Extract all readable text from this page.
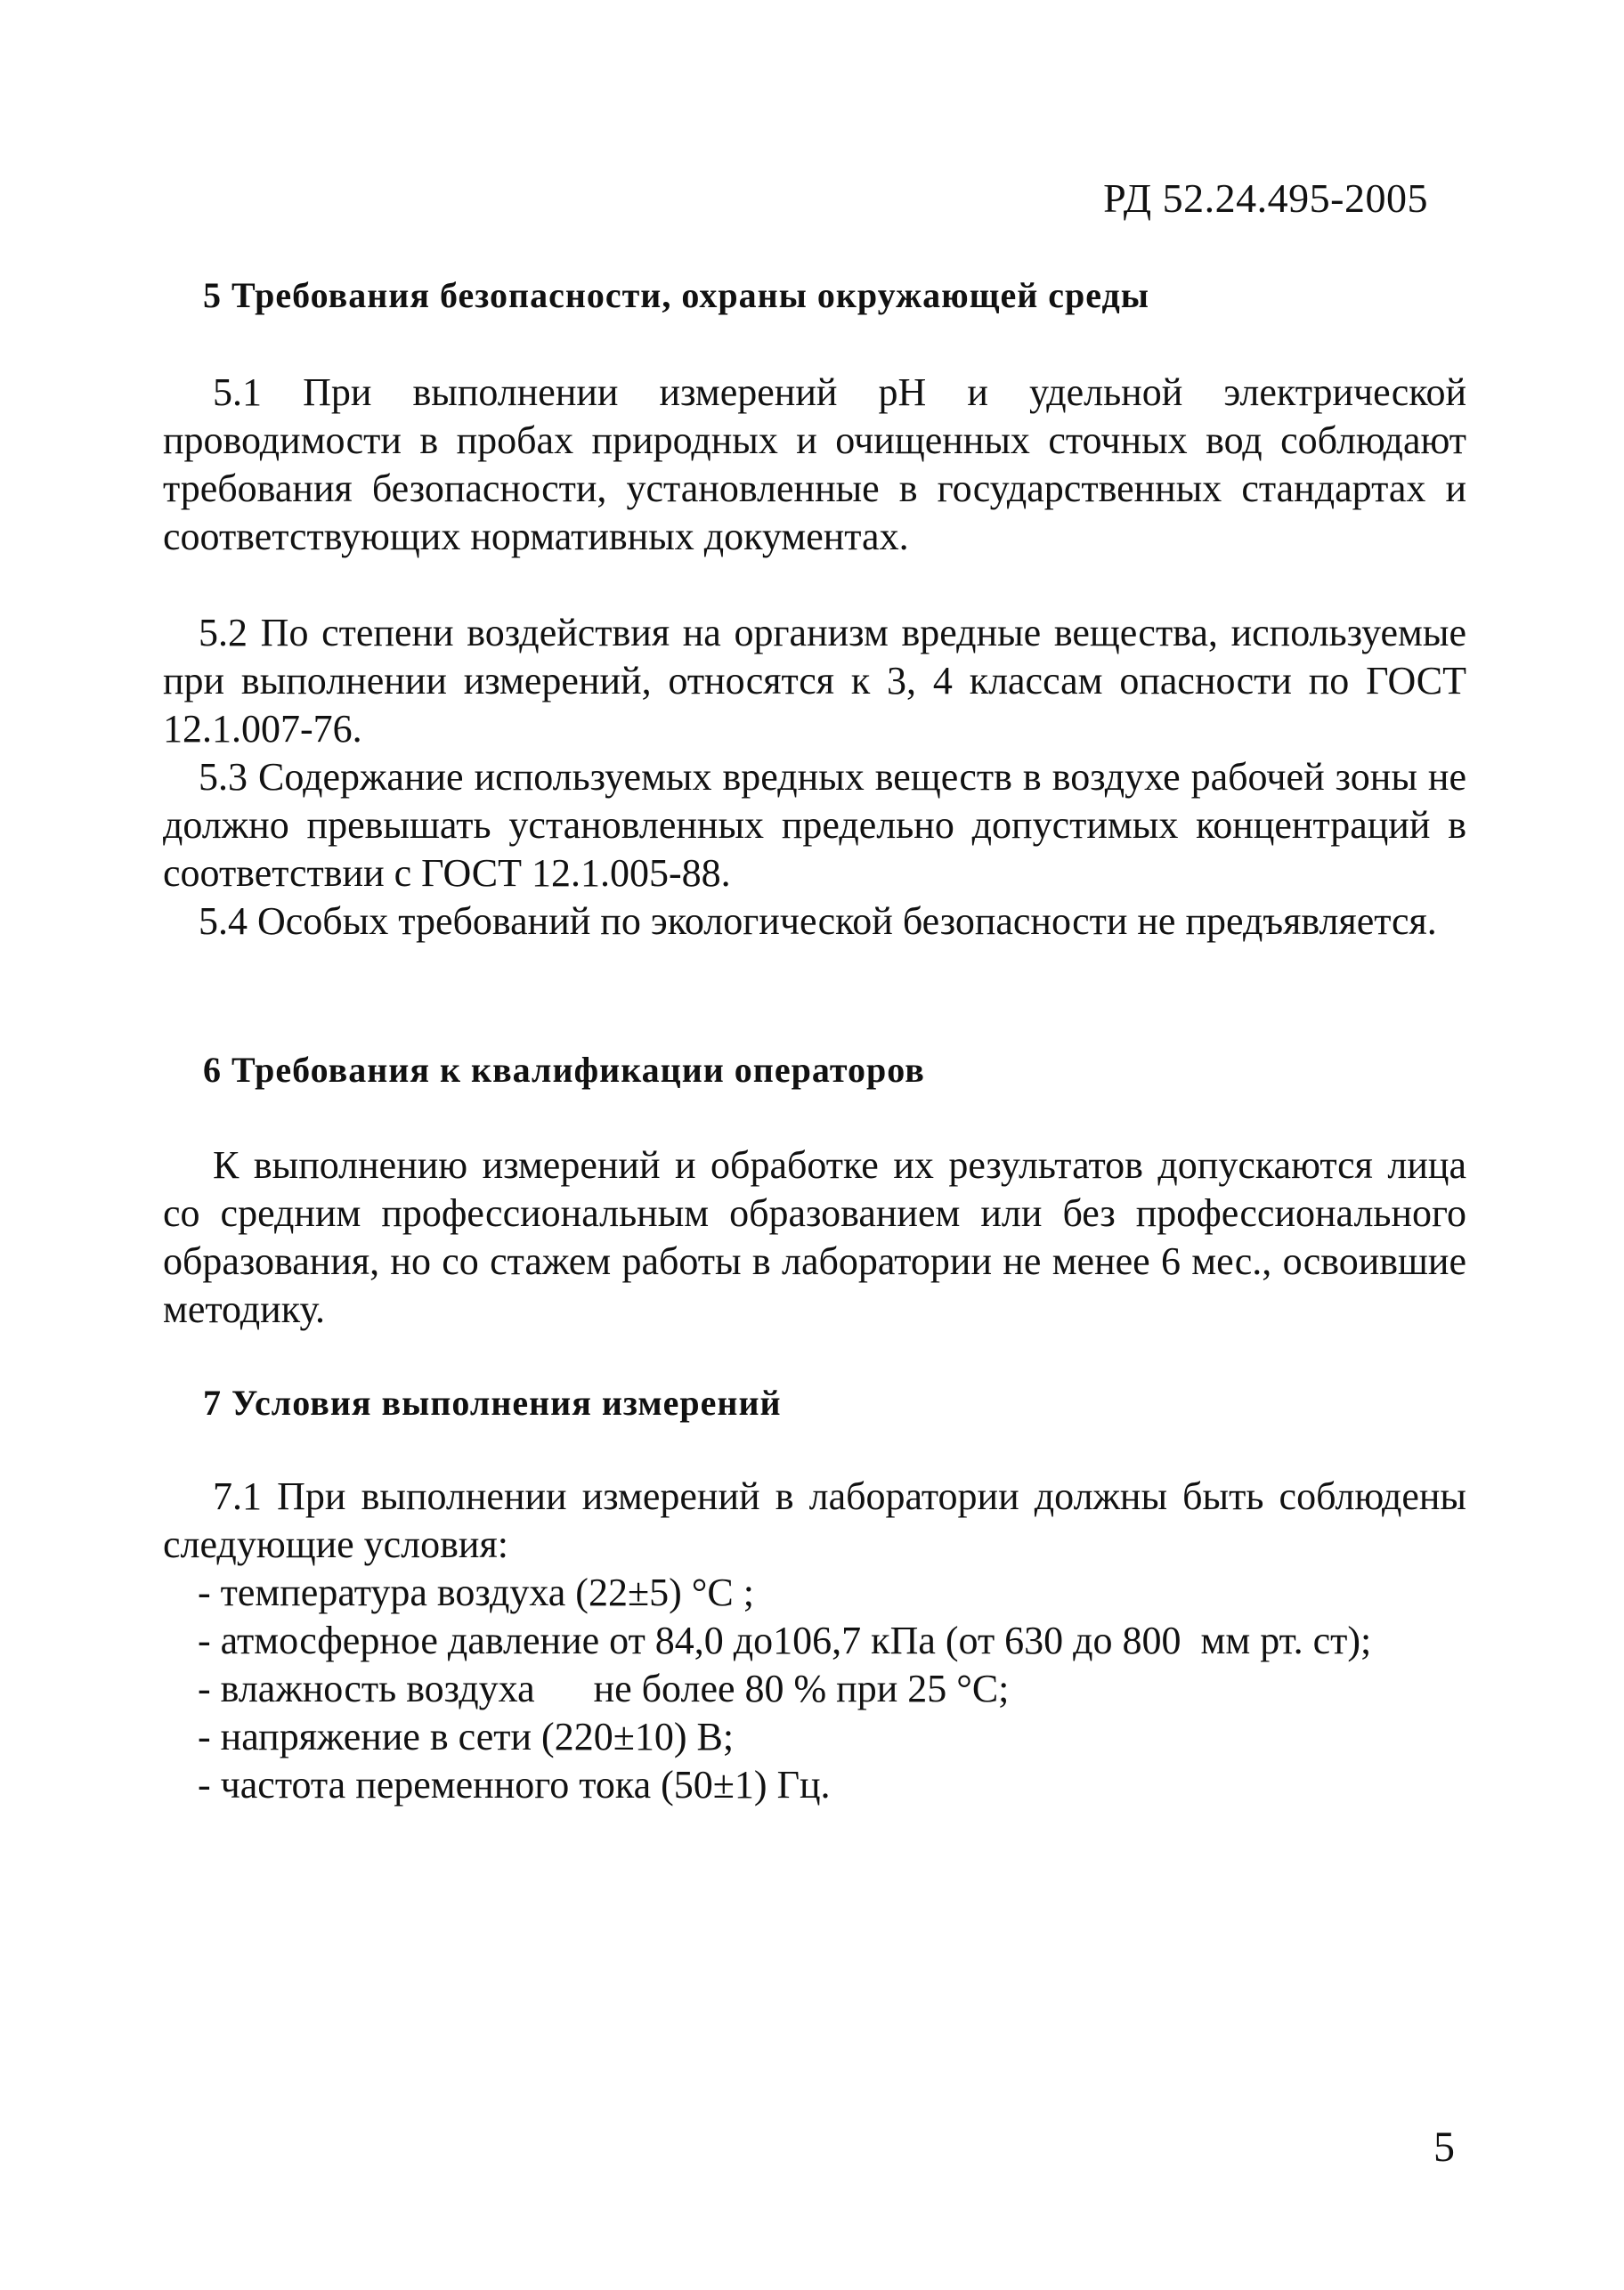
РД 52.24.495-2005
5 Требования безопасности, охраны окружающей среды

5.1 При выполнении измерений рН и удельной электрической проводимости в пробах природных и очищенных сточных вод соблюдают требования безопасности, установленные в государственных стандартах и соответствующих нормативных документах.

5.2 По степени воздействия на организм вредные вещества, используемые при выполнении измерений, относятся к 3, 4 классам опасности по ГОСТ 12.1.007-76.

5.3 Содержание используемых вредных веществ в воздухе рабочей зоны не должно превышать установленных предельно допустимых концентраций в соответствии с ГОСТ 12.1.005-88.

5.4 Особых требований по экологической безопасности не предъявляется.

6 Требования к квалификации операторов

К выполнению измерений и обработке их результатов допускаются лица со средним профессиональным образованием или без профессионального образования, но со стажем работы в лаборатории не менее 6 мес., освоившие методику.

7 Условия выполнения измерений

7.1 При выполнении измерений в лаборатории должны быть соблюдены следующие условия:

- температура воздуха (22±5) °С ;
- атмосферное давление от 84,0 до106,7 кПа (от 630 до 800  мм рт. ст);
- влажность воздуха      не более 80 % при 25 °С;
- напряжение в сети (220±10) В;
- частота переменного тока (50±1) Гц.
5
